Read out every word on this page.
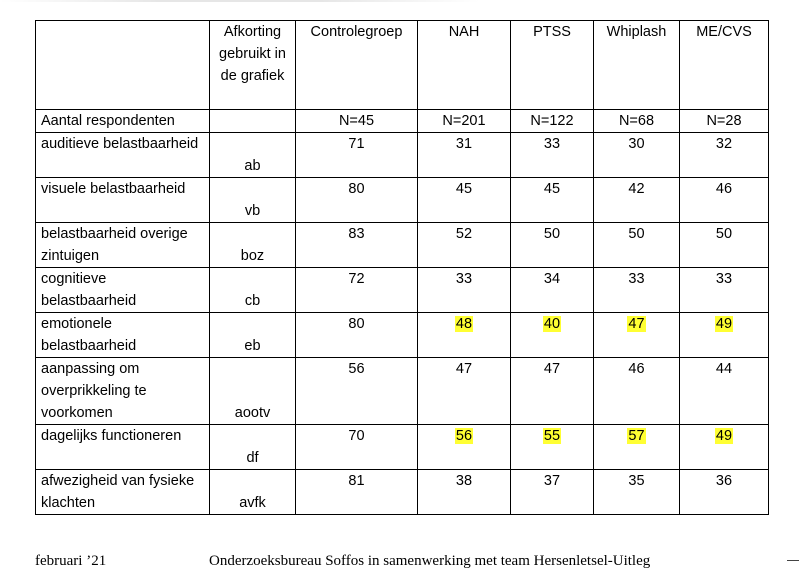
	Afkorting gebruikt in de grafiek	Controlegroep	NAH	PTSS	Whiplash	ME/CVS
Aantal respondenten		N=45	N=201	N=122	N=68	N=28
auditieve belastbaarheid	ab	71	31	33	30	32
visuele belastbaarheid	vb	80	45	45	42	46
belastbaarheid overige zintuigen	boz	83	52	50	50	50
cognitieve belastbaarheid	cb	72	33	34	33	33
emotionele belastbaarheid	eb	80	48	40	47	49
aanpassing om overprikkeling te voorkomen	aootv	56	47	47	46	44
dagelijks functioneren	df	70	56	55	57	49
afwezigheid van fysieke klachten	avfk	81	38	37	35	36
februari ’21	Onderzoeksbureau Soffos in samenwerking met team Hersenletsel-Uitleg
